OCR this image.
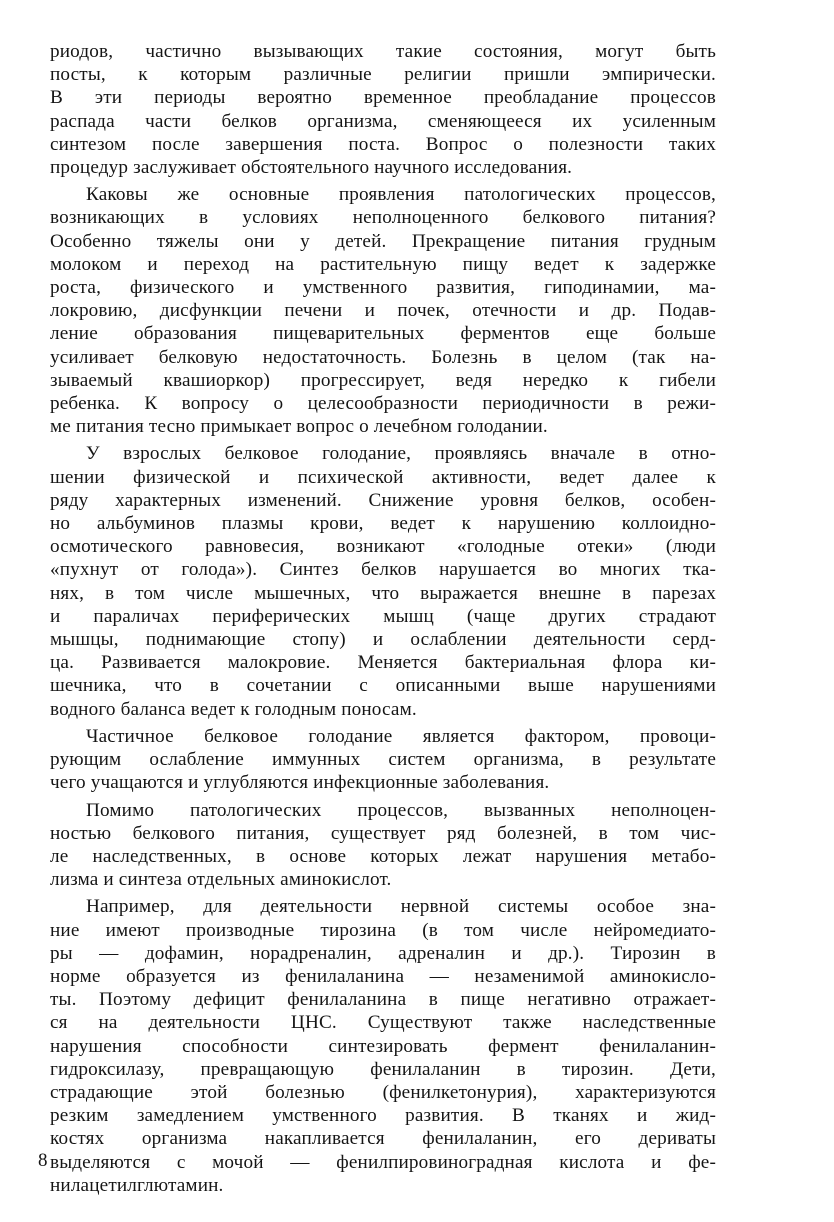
риодов, частично вызывающих такие состояния, могут быть
посты, к которым различные религии пришли эмпирически.
В эти периоды вероятно временное преобладание процессов
распада части белков организма, сменяющееся их усиленным
синтезом после завершения поста. Вопрос о полезности таких
процедур заслуживает обстоятельного научного исследования.
Каковы же основные проявления патологических процессов,
возникающих в условиях неполноценного белкового питания?
Особенно тяжелы они у детей. Прекращение питания грудным
молоком и переход на растительную пищу ведет к задержке
роста, физического и умственного развития, гиподинамии, ма-
локровию, дисфункции печени и почек, отечности и др. Подав-
ление образования пищеварительных ферментов еще больше
усиливает белковую недостаточность. Болезнь в целом (так на-
зываемый квашиоркор) прогрессирует, ведя нередко к гибели
ребенка. К вопросу о целесообразности периодичности в режи-
ме питания тесно примыкает вопрос о лечебном голодании.
У взрослых белковое голодание, проявляясь вначале в отно-
шении физической и психической активности, ведет далее к
ряду характерных изменений. Снижение уровня белков, особен-
но альбуминов плазмы крови, ведет к нарушению коллоидно-
осмотического равновесия, возникают «голодные отеки» (люди
«пухнут от голода»). Синтез белков нарушается во многих тка-
нях, в том числе мышечных, что выражается внешне в парезах
и параличах периферических мышц (чаще других страдают
мышцы, поднимающие стопу) и ослаблении деятельности серд-
ца. Развивается малокровие. Меняется бактериальная флора ки-
шечника, что в сочетании с описанными выше нарушениями
водного баланса ведет к голодным поносам.
Частичное белковое голодание является фактором, провоци-
рующим ослабление иммунных систем организма, в результате
чего учащаются и углубляются инфекционные заболевания.
Помимо патологических процессов, вызванных неполноцен-
ностью белкового питания, существует ряд болезней, в том чис-
ле наследственных, в основе которых лежат нарушения метабо-
лизма и синтеза отдельных аминокислот.
Например, для деятельности нервной системы особое зна-
ние имеют производные тирозина (в том числе нейромедиато-
ры — дофамин, норадреналин, адреналин и др.). Тирозин в
норме образуется из фенилаланина — незаменимой аминокисло-
ты. Поэтому дефицит фенилаланина в пище негативно отражает-
ся на деятельности ЦНС. Существуют также наследственные
нарушения способности синтезировать фермент фенилаланин-
гидроксилазу, превращающую фенилаланин в тирозин. Дети,
страдающие этой болезнью (фенилкетонурия), характеризуются
резким замедлением умственного развития. В тканях и жид-
костях организма накапливается фенилаланин, его дериваты
выделяются с мочой — фенилпировиноградная кислота и фе-
нилацетилглютамин.
8
